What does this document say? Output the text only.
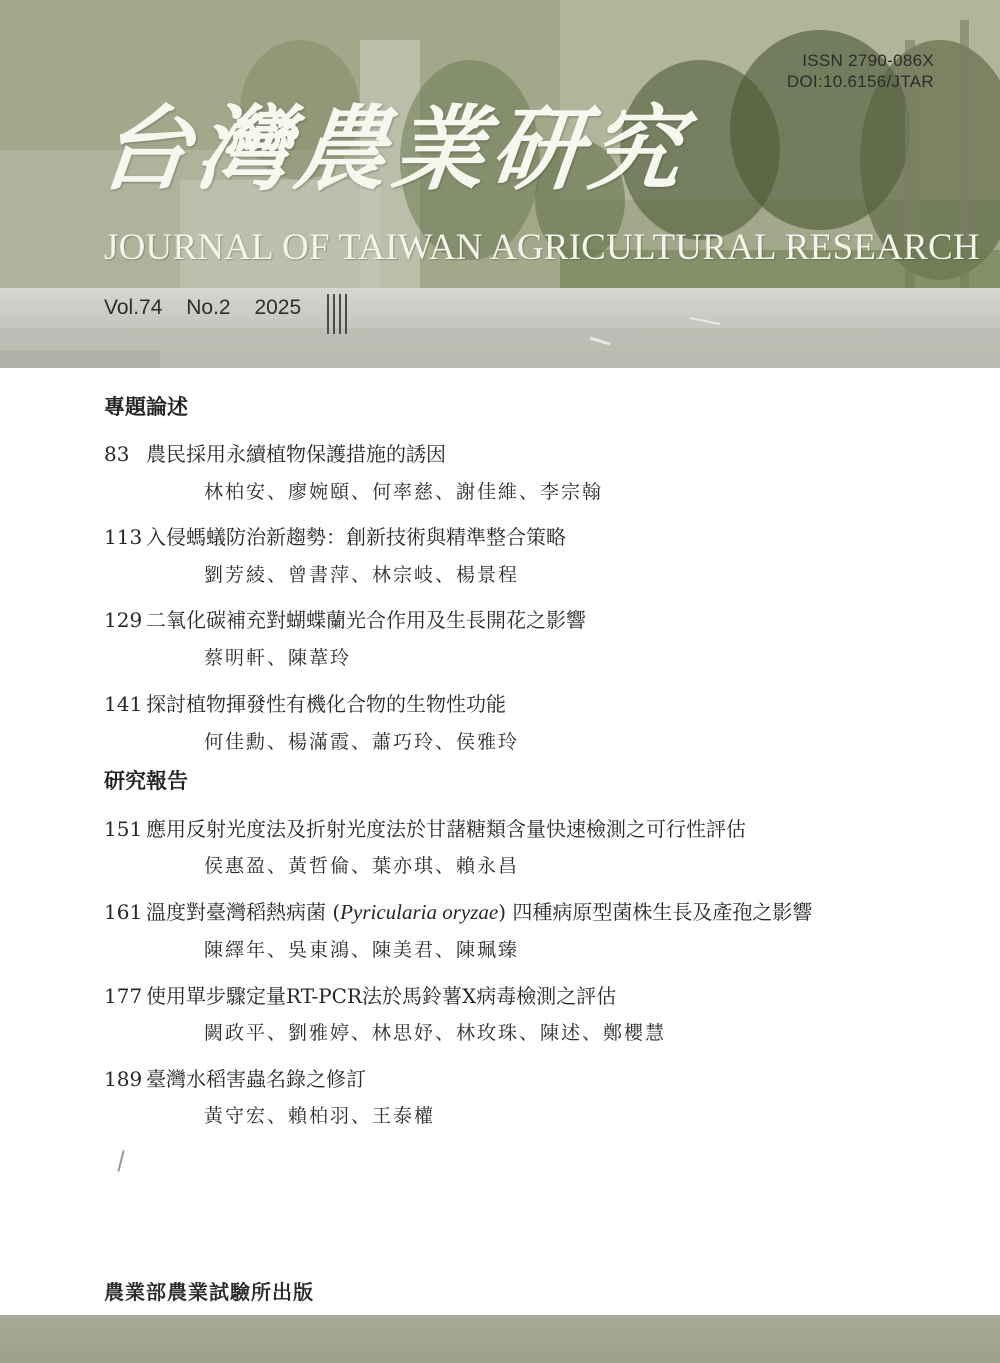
ISSN 2790-086X
DOI:10.6156/JTAR
台灣農業研究
JOURNAL OF TAIWAN AGRICULTURAL RESEARCH
Vol.74 No.2 2025
專題論述
83 農民採用永續植物保護措施的誘因
林柏安、廖婉頤、何率慈、謝佳維、李宗翰
113 入侵螞蟻防治新趨勢：創新技術與精準整合策略
劉芳綾、曾書萍、林宗岐、楊景程
129 二氧化碳補充對蝴蝶蘭光合作用及生長開花之影響
蔡明軒、陳葦玲
141 探討植物揮發性有機化合物的生物性功能
何佳勳、楊滿霞、蕭巧玲、侯雅玲
研究報告
151 應用反射光度法及折射光度法於甘藷糖類含量快速檢測之可行性評估
侯惠盈、黃哲倫、葉亦琪、賴永昌
161 溫度對臺灣稻熱病菌 (Pyricularia oryzae) 四種病原型菌株生長及產孢之影響
陳繹年、吳東鴻、陳美君、陳珮臻
177 使用單步驟定量RT-PCR法於馬鈴薯X病毒檢測之評估
闕政平、劉雅婷、林思妤、林玫珠、陳述、鄭櫻慧
189 臺灣水稻害蟲名錄之修訂
黃守宏、賴柏羽、王泰權
農業部農業試驗所出版
